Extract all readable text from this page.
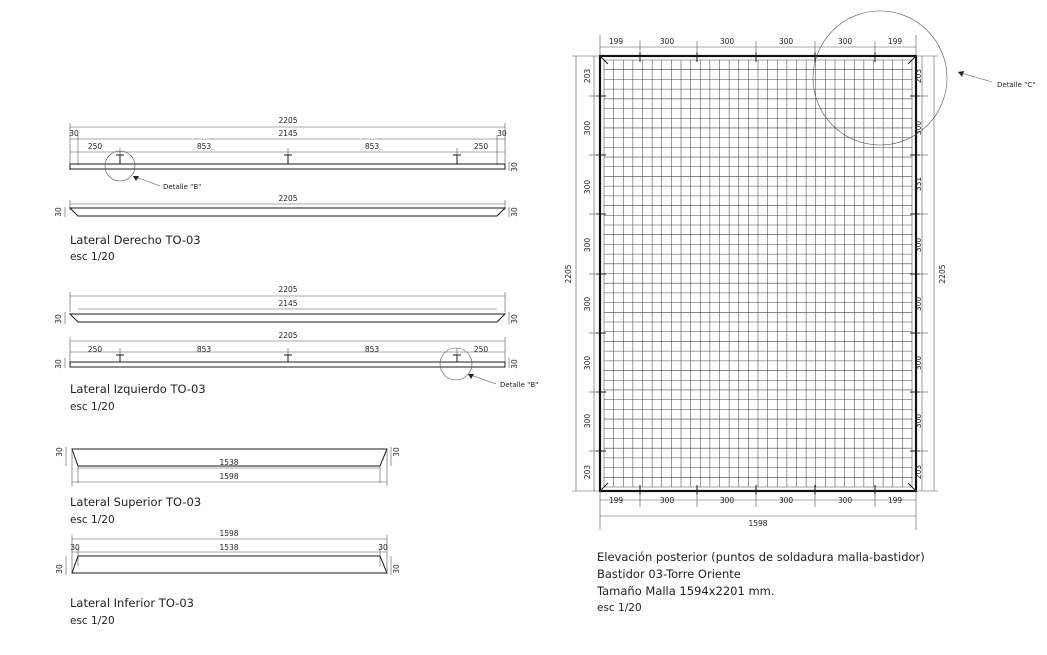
2205
2145
30	30
250	853	853	250
30
Detalle "B"
2205
30	30
Lateral Derecho TO-03
esc 1/20
2205
2145
30	30
2205
250	853	853	250
30	30
Detalle "B"
Lateral Izquierdo TO-03
esc 1/20
1538
1598
30	30
Lateral Superior TO-03
esc 1/20
1598
1538
30	30
30	30
Lateral Inferior TO-03
esc 1/20
199	300	300	300	300	199
199	300	300	300	300	199
1598
203
300
300
300
300
300
300
203
2205
203
300
331
300
300
300
300
203
2205
Detalle "C"
Elevación posterior (puntos de soldadura malla-bastidor)
Bastidor 03-Torre Oriente
Tamaño Malla 1594x2201 mm.
esc 1/20
